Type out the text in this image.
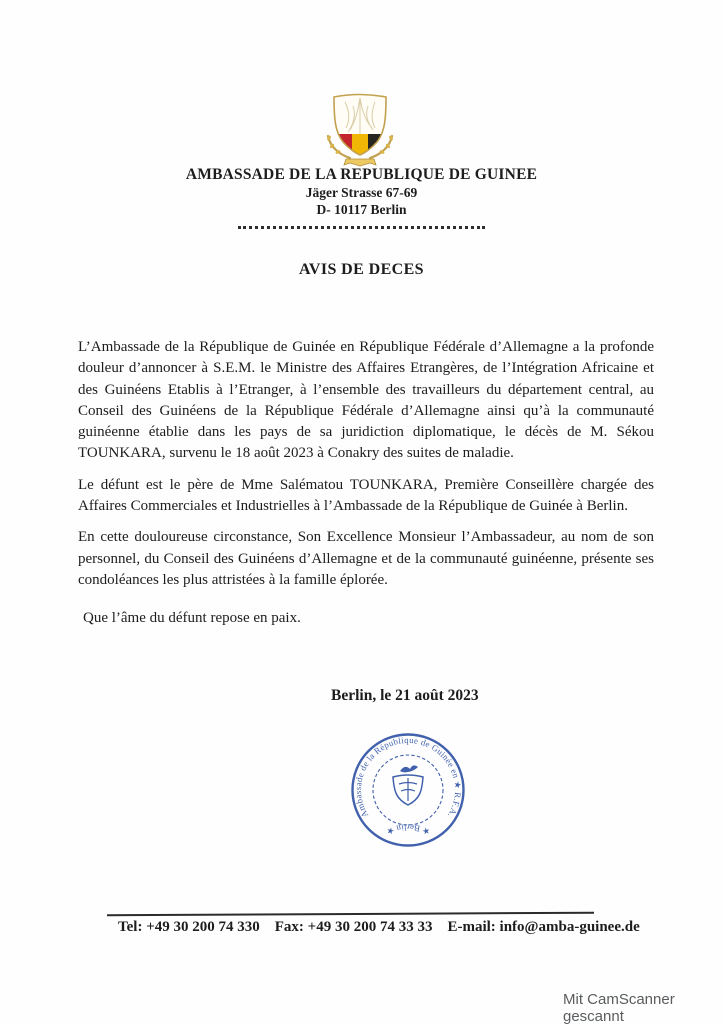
AMBASSADE DE LA REPUBLIQUE DE GUINEE
Jäger Strasse 67-69
D- 10117 Berlin
AVIS DE DECES

L’Ambassade de la République de Guinée en République Fédérale d’Allemagne a la profonde douleur d’annoncer à S.E.M. le Ministre des Affaires Etrangères, de l’Intégration Africaine et des Guinéens Etablis à l’Etranger, à l’ensemble des travailleurs du département central, au Conseil des Guinéens de la République Fédérale d’Allemagne ainsi qu’à la communauté guinéenne établie dans les pays de sa juridiction diplomatique, le décès de M. Sékou TOUNKARA, survenu le 18 août 2023 à Conakry des suites de maladie.

Le défunt est le père de Mme Salématou TOUNKARA, Première Conseillère chargée des Affaires Commerciales et Industrielles à l’Ambassade de la République de Guinée à Berlin.

En cette douloureuse circonstance, Son Excellence Monsieur l’Ambassadeur, au nom de son personnel, du Conseil des Guinéens d’Allemagne et de la communauté guinéenne, présente ses condoléances les plus attristées à la famille éplorée.

Que l’âme du défunt repose en paix.

Berlin, le 21 août 2023
Ambassade de la République de Guinée en ★ R.F.A.
★ Berlin ★
Tel: +49 30 200 74 330 Fax: +49 30 200 74 33 33 E-mail: info@amba-guinee.de
Mit CamScanner gescannt
